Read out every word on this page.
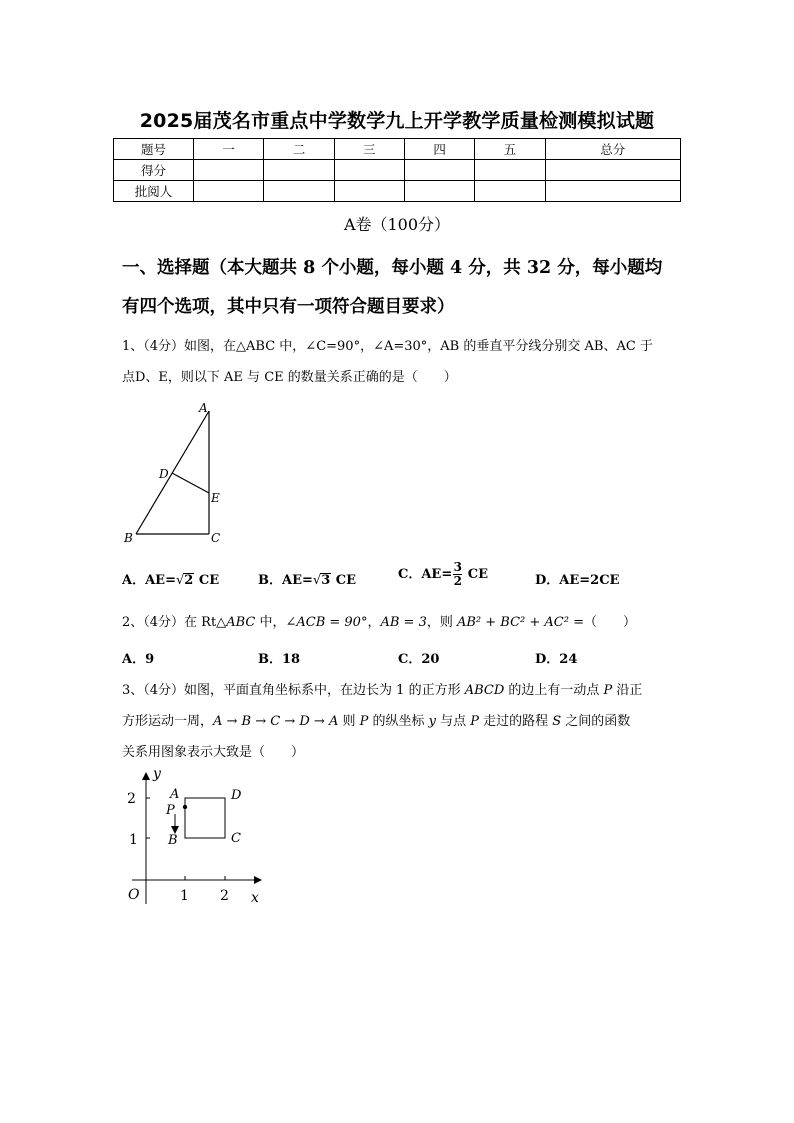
2025届茂名市重点中学数学九上开学教学质量检测模拟试题
题号	一	二	三	四	五	总分
得分						
批阅人						
A卷（100分）
一、选择题（本大题共 8 个小题，每小题 4 分，共 32 分，每小题均
有四个选项，其中只有一项符合题目要求）
1、（4分）如图，在△ABC 中，∠C=90°，∠A=30°，AB 的垂直平分线分别交 AB、AC 于
点D、E，则以下 AE 与 CE 的数量关系正确的是（　　）
A
D
E
B	C
A．AE=√2 CE	B．AE=√3 CE	C．$AE= \frac{3}{2}$ CE	D．AE=2CE
2、（4分）在 Rt△ABC 中，∠ACB = 90°，AB = 3，则 AB² + BC² + AC² =（　　）
A．9	B．18	C．20	D．24
3、（4分）如图，平面直角坐标系中，在边长为 1 的正方形 ABCD 的边上有一动点 P 沿正
方形运动一周，A → B → C → D → A 则 P 的纵坐标 y 与点 P 走过的路程 S 之间的函数
关系用图象表示大致是（　　）
2
1
1 2
O	x
y
A
P
B
D
C
